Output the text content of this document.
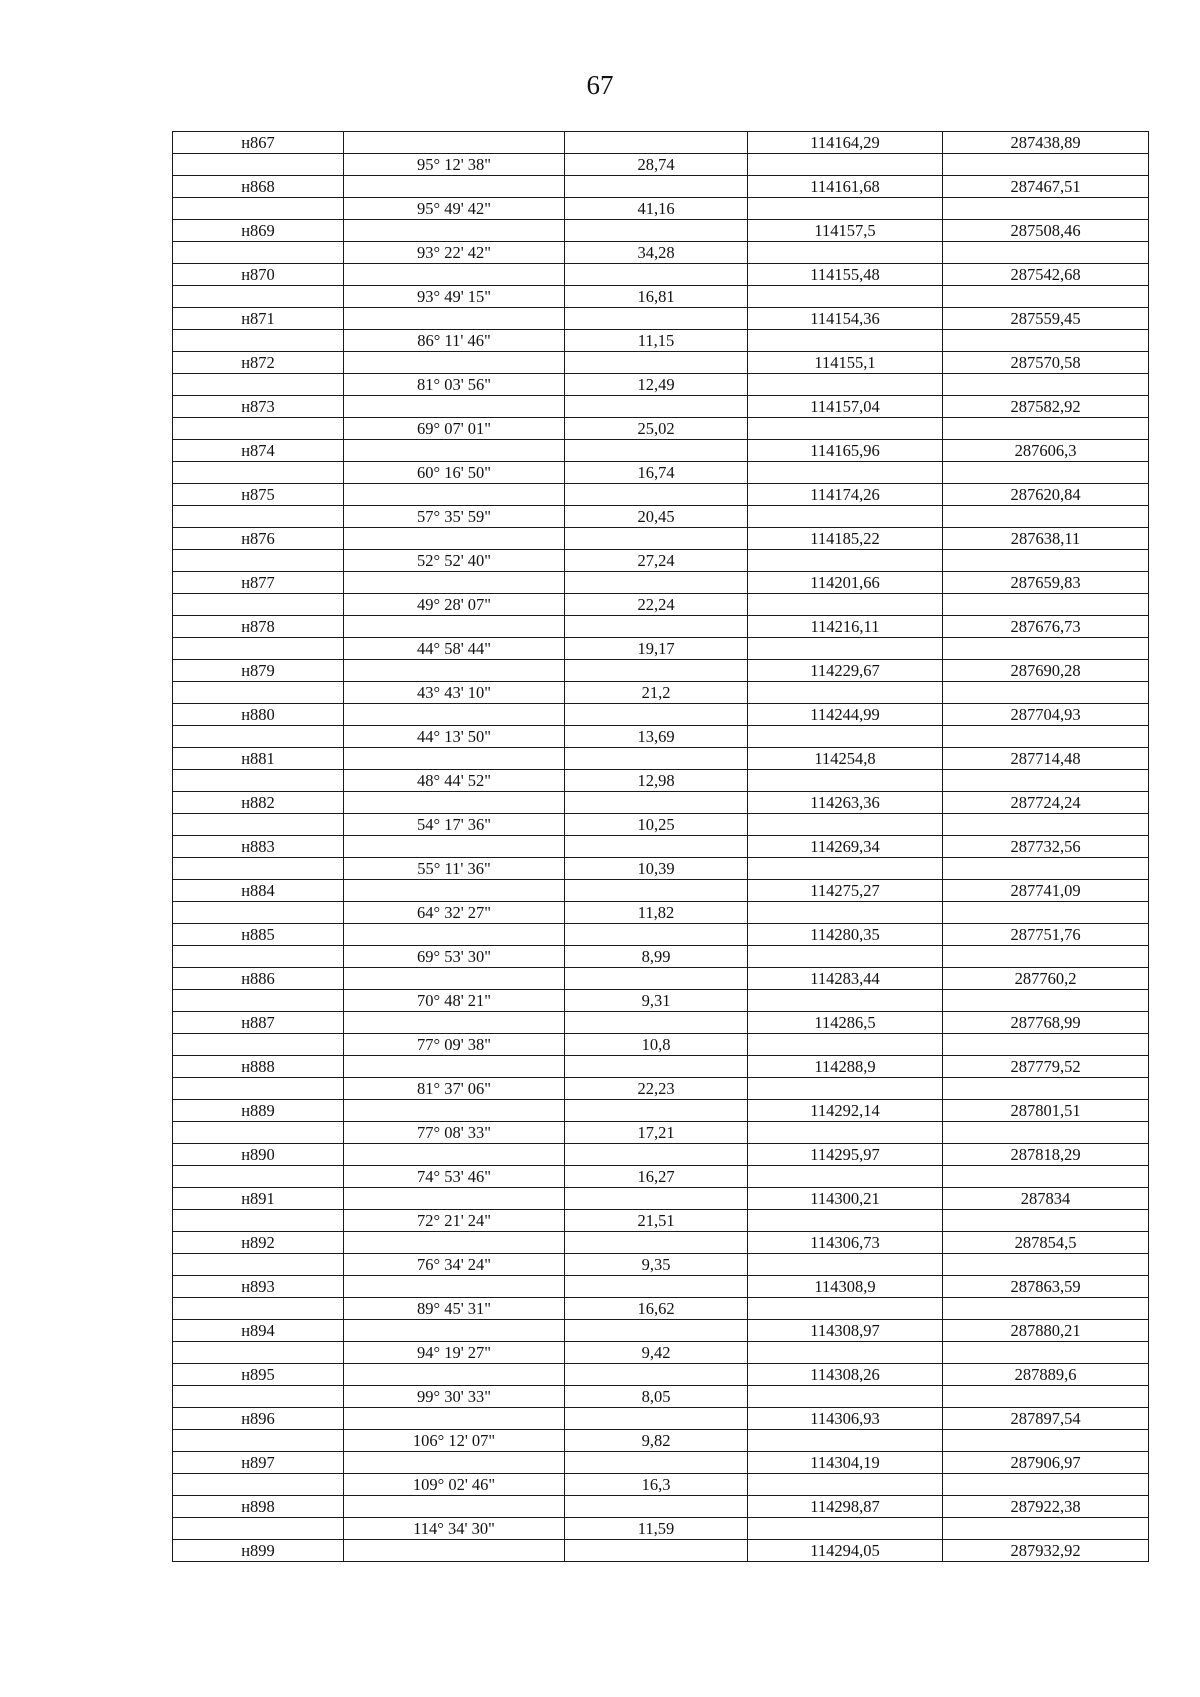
67
н867			114164,29	287438,89
	95° 12' 38"	28,74		
н868			114161,68	287467,51
	95° 49' 42"	41,16		
н869			114157,5	287508,46
	93° 22' 42"	34,28		
н870			114155,48	287542,68
	93° 49' 15"	16,81		
н871			114154,36	287559,45
	86° 11' 46"	11,15		
н872			114155,1	287570,58
	81° 03' 56"	12,49		
н873			114157,04	287582,92
	69° 07' 01"	25,02		
н874			114165,96	287606,3
	60° 16' 50"	16,74		
н875			114174,26	287620,84
	57° 35' 59"	20,45		
н876			114185,22	287638,11
	52° 52' 40"	27,24		
н877			114201,66	287659,83
	49° 28' 07"	22,24		
н878			114216,11	287676,73
	44° 58' 44"	19,17		
н879			114229,67	287690,28
	43° 43' 10"	21,2		
н880			114244,99	287704,93
	44° 13' 50"	13,69		
н881			114254,8	287714,48
	48° 44' 52"	12,98		
н882			114263,36	287724,24
	54° 17' 36"	10,25		
н883			114269,34	287732,56
	55° 11' 36"	10,39		
н884			114275,27	287741,09
	64° 32' 27"	11,82		
н885			114280,35	287751,76
	69° 53' 30"	8,99		
н886			114283,44	287760,2
	70° 48' 21"	9,31		
н887			114286,5	287768,99
	77° 09' 38"	10,8		
н888			114288,9	287779,52
	81° 37' 06"	22,23		
н889			114292,14	287801,51
	77° 08' 33"	17,21		
н890			114295,97	287818,29
	74° 53' 46"	16,27		
н891			114300,21	287834
	72° 21' 24"	21,51		
н892			114306,73	287854,5
	76° 34' 24"	9,35		
н893			114308,9	287863,59
	89° 45' 31"	16,62		
н894			114308,97	287880,21
	94° 19' 27"	9,42		
н895			114308,26	287889,6
	99° 30' 33"	8,05		
н896			114306,93	287897,54
	106° 12' 07"	9,82		
н897			114304,19	287906,97
	109° 02' 46"	16,3		
н898			114298,87	287922,38
	114° 34' 30"	11,59		
н899			114294,05	287932,92
